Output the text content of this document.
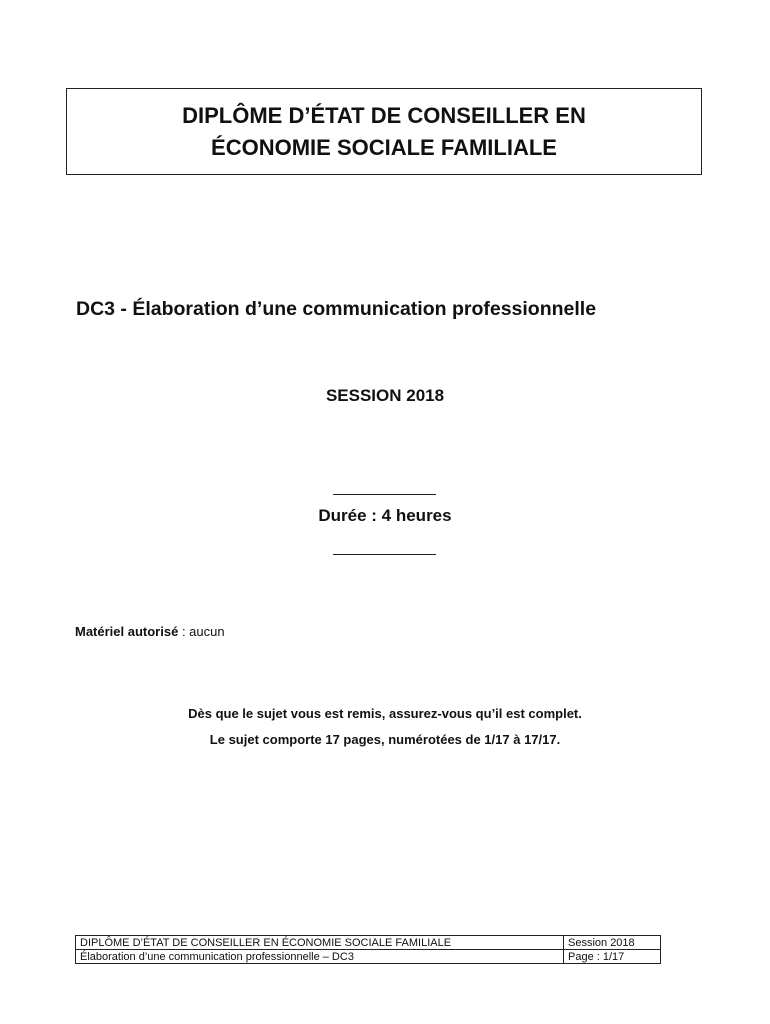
DIPLÔME D’ÉTAT DE CONSEILLER EN
ÉCONOMIE SOCIALE FAMILIALE
DC3 - Élaboration d’une communication professionnelle
SESSION 2018
Durée : 4 heures
Matériel autorisé : aucun
Dès que le sujet vous est remis, assurez-vous qu’il est complet.
Le sujet comporte 17 pages, numérotées de 1/17 à 17/17.
DIPLÔME D’ÉTAT DE CONSEILLER EN ÉCONOMIE SOCIALE FAMILIALE	Session 2018
Élaboration d’une communication professionnelle – DC3	Page : 1/17
